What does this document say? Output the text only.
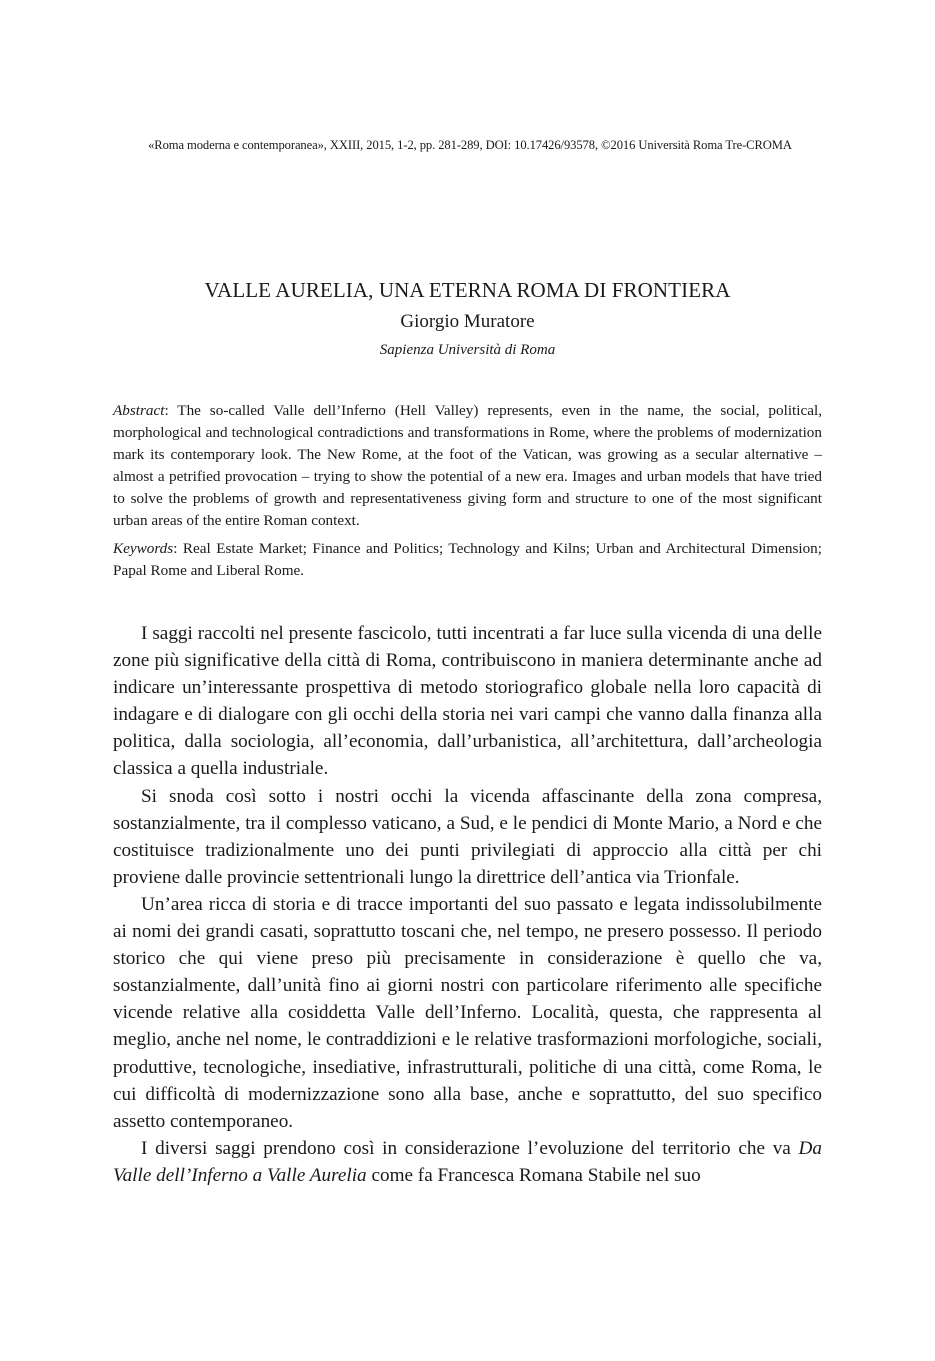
«Roma moderna e contemporanea», XXIII, 2015, 1-2, pp. 281-289, DOI: 10.17426/93578, ©2016 Università Roma Tre-CROMA
VALLE AURELIA, UNA ETERNA ROMA DI FRONTIERA
Giorgio Muratore
Sapienza Università di Roma
Abstract: The so-called Valle dell’Inferno (Hell Valley) represents, even in the name, the social, political, morphological and technological contradictions and transformations in Rome, where the problems of modernization mark its contemporary look. The New Rome, at the foot of the Vatican, was growing as a secular alternative – almost a petrified provocation – trying to show the potential of a new era. Images and urban models that have tried to solve the problems of growth and representativeness giving form and structure to one of the most significant urban areas of the entire Roman context.
Keywords: Real Estate Market; Finance and Politics; Technology and Kilns; Urban and Architectural Dimension; Papal Rome and Liberal Rome.

I saggi raccolti nel presente fascicolo, tutti incentrati a far luce sulla vicenda di una delle zone più significative della città di Roma, contribuiscono in maniera determinante anche ad indicare un’interessante prospettiva di metodo storiografico globale nella loro capacità di indagare e di dialogare con gli occhi della storia nei vari campi che vanno dalla finanza alla politica, dalla sociologia, all’economia, dall’urbanistica, all’architettura, dall’archeologia classica a quella industriale.

Si snoda così sotto i nostri occhi la vicenda affascinante della zona compresa, sostanzialmente, tra il complesso vaticano, a Sud, e le pendici di Monte Mario, a Nord e che costituisce tradizionalmente uno dei punti privilegiati di approccio alla città per chi proviene dalle provincie settentrionali lungo la direttrice dell’antica via Trionfale.

Un’area ricca di storia e di tracce importanti del suo passato e legata indissolubilmente ai nomi dei grandi casati, soprattutto toscani che, nel tempo, ne presero possesso. Il periodo storico che qui viene preso più precisamente in considerazione è quello che va, sostanzialmente, dall’unità fino ai giorni nostri con particolare riferimento alle specifiche vicende relative alla cosiddetta Valle dell’Inferno. Località, questa, che rappresenta al meglio, anche nel nome, le contraddizioni e le relative trasformazioni morfologiche, sociali, produttive, tecnologiche, insediative, infrastrutturali, politiche di una città, come Roma, le cui difficoltà di modernizzazione sono alla base, anche e soprattutto, del suo specifico assetto contemporaneo.

I diversi saggi prendono così in considerazione l’evoluzione del territorio che va Da Valle dell’Inferno a Valle Aurelia come fa Francesca Romana Stabile nel suo
